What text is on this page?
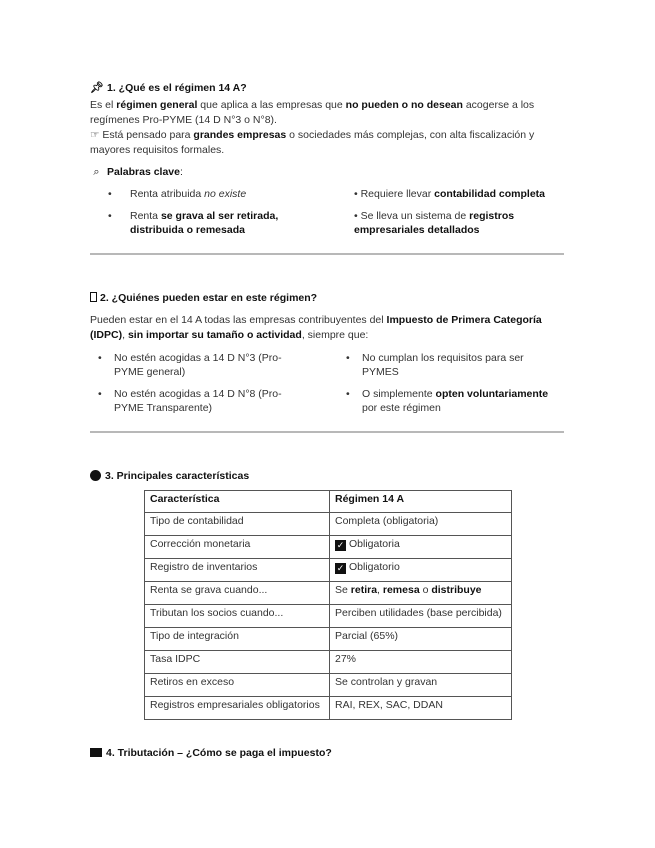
📌︎ 1. ¿Qué es el régimen 14 A?
Es el régimen general que aplica a las empresas que no pueden o no desean acogerse a los regímenes Pro-PYME (14 D N°3 o N°8).
☞︎ Está pensado para grandes empresas o sociedades más complejas, con alta fiscalización y mayores requisitos formales.
⌕ Palabras clave:
• Renta atribuida no existe	• Requiere llevar contabilidad completa
• Renta se grava al ser retirada, distribuida o remesada
• Se lleva un sistema de registros empresariales detallados
2. ¿Quiénes pueden estar en este régimen?
Pueden estar en el 14 A todas las empresas contribuyentes del Impuesto de Primera Categoría (IDPC), sin importar su tamaño o actividad, siempre que:
• No estén acogidas a 14 D N°3 (Pro-PYME general)
• No cumplan los requisitos para ser PYMES
• No estén acogidas a 14 D N°8 (Pro-PYME Transparente)
• O simplemente opten voluntariamente por este régimen
3. Principales características
Característica	Régimen 14 A
Tipo de contabilidad	Completa (obligatoria)
Corrección monetaria	✓ Obligatoria
Registro de inventarios	✓ Obligatorio
Renta se grava cuando...	Se retira, remesa o distribuye
Tributan los socios cuando...	Perciben utilidades (base percibida)
Tipo de integración	Parcial (65%)
Tasa IDPC	27%
Retiros en exceso	Se controlan y gravan
Registros empresariales obligatorios	RAI, REX, SAC, DDAN
4. Tributación – ¿Cómo se paga el impuesto?
